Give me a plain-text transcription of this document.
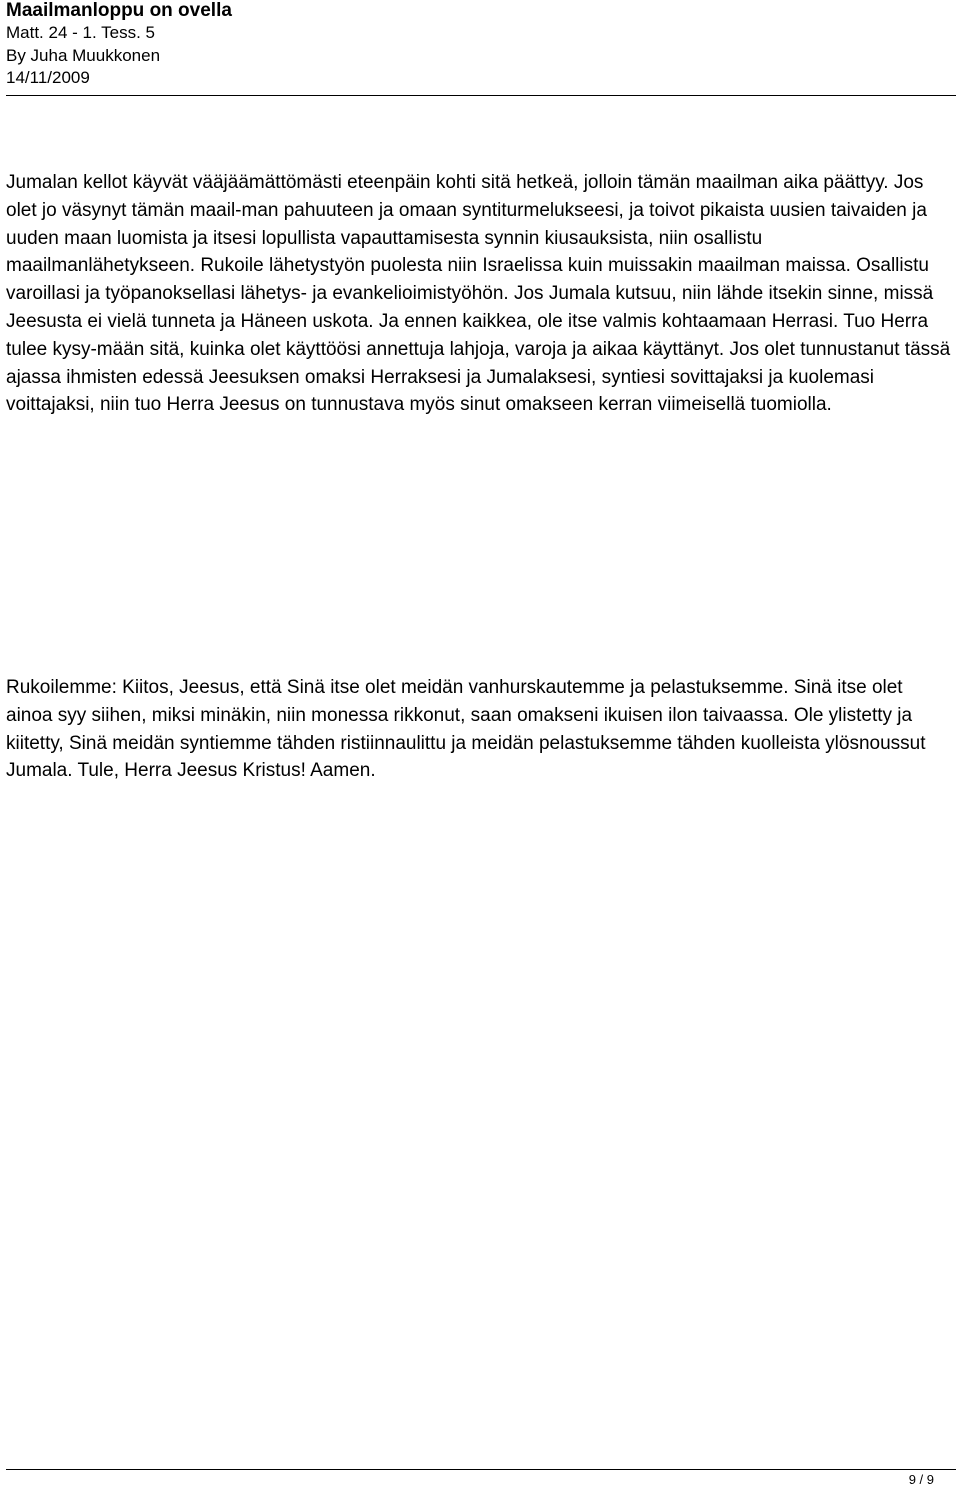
Maailmanloppu on ovella

Matt. 24 - 1. Tess. 5

By Juha Muukkonen

14/11/2009

Jumalan kellot käyvät vääjäämättömästi eteenpäin kohti sitä hetkeä, jolloin tämän maailman aika päättyy. Jos olet jo väsynyt tämän maail-man pahuuteen ja omaan syntiturmelukseesi, ja toivot pikaista uusien taivaiden ja uuden maan luomista ja itsesi lopullista vapauttamisesta synnin kiusauksista, niin osallistu maailmanlähetykseen. Rukoile lähetystyön puolesta niin Israelissa kuin muissakin maailman maissa. Osallistu varoillasi ja työpanoksellasi lähetys- ja evankelioimistyöhön. Jos Jumala kutsuu, niin lähde itsekin sinne, missä Jeesusta ei vielä tunneta ja Häneen uskota. Ja ennen kaikkea, ole itse valmis kohtaamaan Herrasi. Tuo Herra tulee kysy-mään sitä, kuinka olet käyttöösi annettuja lahjoja, varoja ja aikaa käyttänyt. Jos olet tunnustanut tässä ajassa ihmisten edessä Jeesuksen omaksi Herraksesi ja Jumalaksesi, syntiesi sovittajaksi ja kuolemasi voittajaksi, niin tuo Herra Jeesus on tunnustava myös sinut omakseen kerran viimeisellä tuomiolla.

Rukoilemme: Kiitos, Jeesus, että Sinä itse olet meidän vanhurskautemme ja pelastuksemme. Sinä itse olet ainoa syy siihen, miksi minäkin, niin monessa rikkonut, saan omakseni ikuisen ilon taivaassa. Ole ylistetty ja kiitetty, Sinä meidän syntiemme tähden ristiinnaulittu ja meidän pelastuksemme tähden kuolleista ylösnoussut Jumala. Tule, Herra Jeesus Kristus! Aamen.

9 / 9
